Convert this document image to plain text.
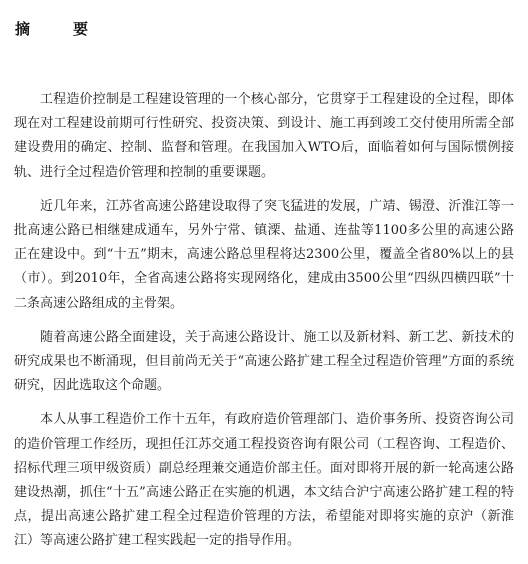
摘　要

工程造价控制是工程建设管理的一个核心部分，它贯穿于工程建设的全过程，即体现在对工程建设前期可行性研究、投资决策、到设计、施工再到竣工交付使用所需全部建设费用的确定、控制、监督和管理。在我国加入WTO后，面临着如何与国际惯例接轨、进行全过程造价管理和控制的重要课题。

近几年来，江苏省高速公路建设取得了突飞猛进的发展，广靖、锡澄、沂淮江等一批高速公路已相继建成通车，另外宁常、镇溧、盐通、连盐等1100多公里的高速公路正在建设中。到“十五”期末，高速公路总里程将达2300公里，覆盖全省80%以上的县（市）。到2010年，全省高速公路将实现网络化，建成由3500公里“四纵四横四联”十二条高速公路组成的主骨架。

随着高速公路全面建设，关于高速公路设计、施工以及新材料、新工艺、新技术的研究成果也不断涌现，但目前尚无关于“高速公路扩建工程全过程造价管理”方面的系统研究，因此选取这个命题。

本人从事工程造价工作十五年，有政府造价管理部门、造价事务所、投资咨询公司的造价管理工作经历，现担任江苏交通工程投资咨询有限公司（工程咨询、工程造价、招标代理三项甲级资质）副总经理兼交通造价部主任。面对即将开展的新一轮高速公路建设热潮，抓住“十五”高速公路正在实施的机遇，本文结合沪宁高速公路扩建工程的特点，提出高速公路扩建工程全过程造价管理的方法，希望能对即将实施的京沪（新淮江）等高速公路扩建工程实践起一定的指导作用。
